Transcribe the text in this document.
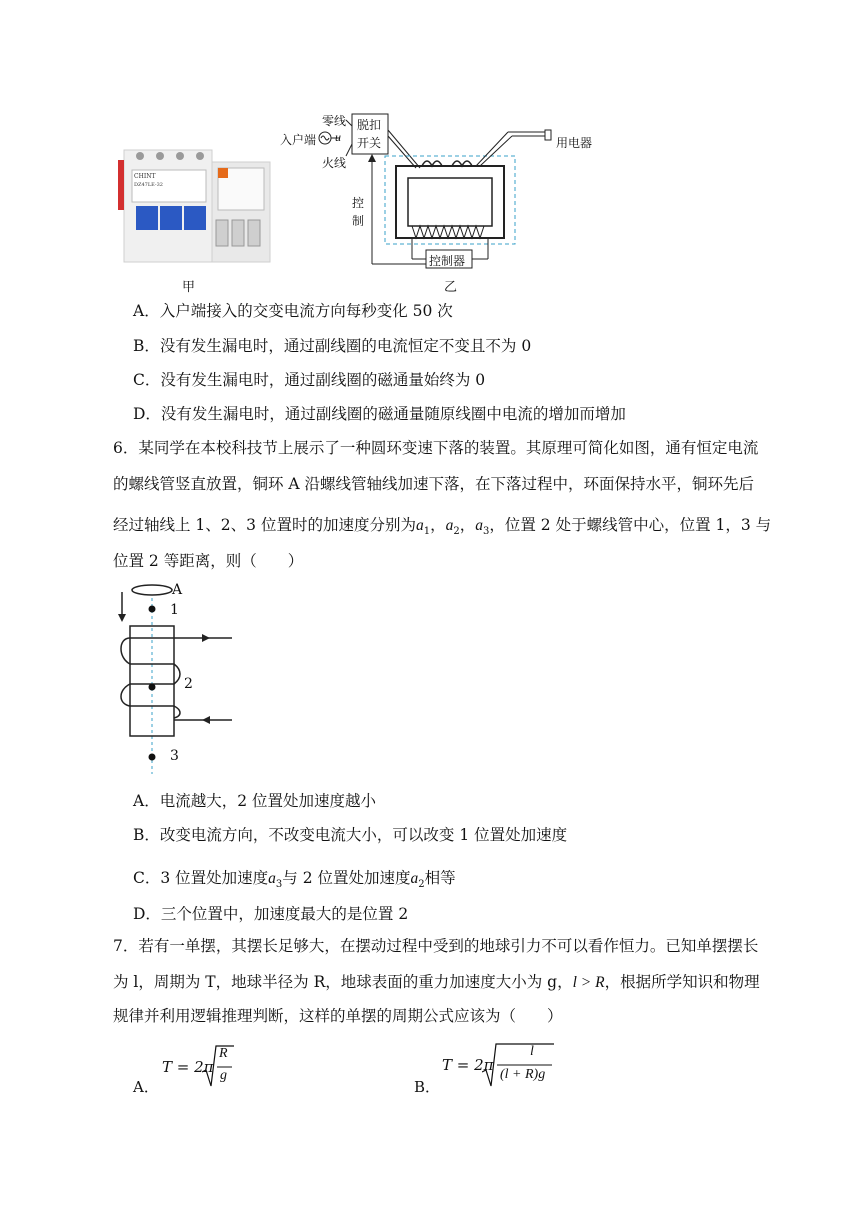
CHINT
DZ47LE-32
甲
零线
火线
入户端 u
脱扣
开关	用电器
控
制
控制器
乙
A．入户端接入的交变电流方向每秒变化 50 次
B．没有发生漏电时，通过副线圈的电流恒定不变且不为 0
C．没有发生漏电时，通过副线圈的磁通量始终为 0
D．没有发生漏电时，通过副线圈的磁通量随原线圈中电流的增加而增加
6．某同学在本校科技节上展示了一种圆环变速下落的装置。其原理可简化如图，通有恒定电流
的螺线管竖直放置，铜环 A 沿螺线管轴线加速下落，在下落过程中，环面保持水平，铜环先后
经过轴线上 1、2、3 位置时的加速度分别为$a_1$，$a_2$，$a_3$，位置 2 处于螺线管中心，位置 1，3 与
位置 2 等距离，则（　　）
A
1
2
3
A．电流越大，2 位置处加速度越小
B．改变电流方向，不改变电流大小，可以改变 1 位置处加速度
C．3 位置处加速度$a_3$与 2 位置处加速度$a_2$相等
D．三个位置中，加速度最大的是位置 2
7．若有一单摆，其摆长足够大，在摆动过程中受到的地球引力不可以看作恒力。已知单摆摆长
为 l，周期为 T，地球半径为 R，地球表面的重力加速度大小为 g，l > R，根据所学知识和物理
规律并利用逻辑推理判断，这样的单摆的周期公式应该为（　　）
A．
T = 2π
R
g
B．
T = 2π
l
(l + R)g
